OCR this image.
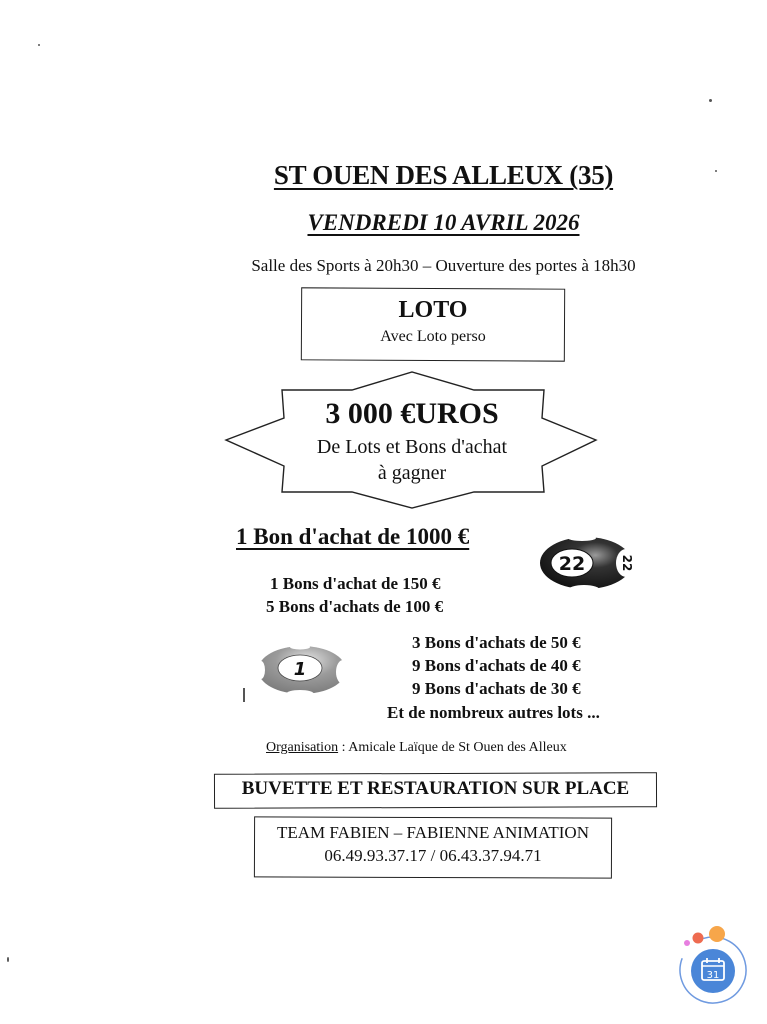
ST OUEN DES ALLEUX (35)
VENDREDI 10 AVRIL 2026
Salle des Sports à 20h30 – Ouverture des portes à 18h30
LOTO
Avec Loto perso
3 000 €UROS
De Lots et Bons d'achat
à gagner
1 Bon d'achat de 1000 €
1 Bons d'achat de 150 €
5 Bons d'achats de 100 €
3 Bons d'achats de 50 €
9 Bons d'achats de 40 €
9 Bons d'achats de 30 €
Et de nombreux autres lots ...
22	22
1
Organisation : Amicale Laïque de St Ouen des Alleux
BUVETTE ET RESTAURATION SUR PLACE
TEAM FABIEN – FABIENNE ANIMATION
06.49.93.37.17 / 06.43.37.94.71
31
